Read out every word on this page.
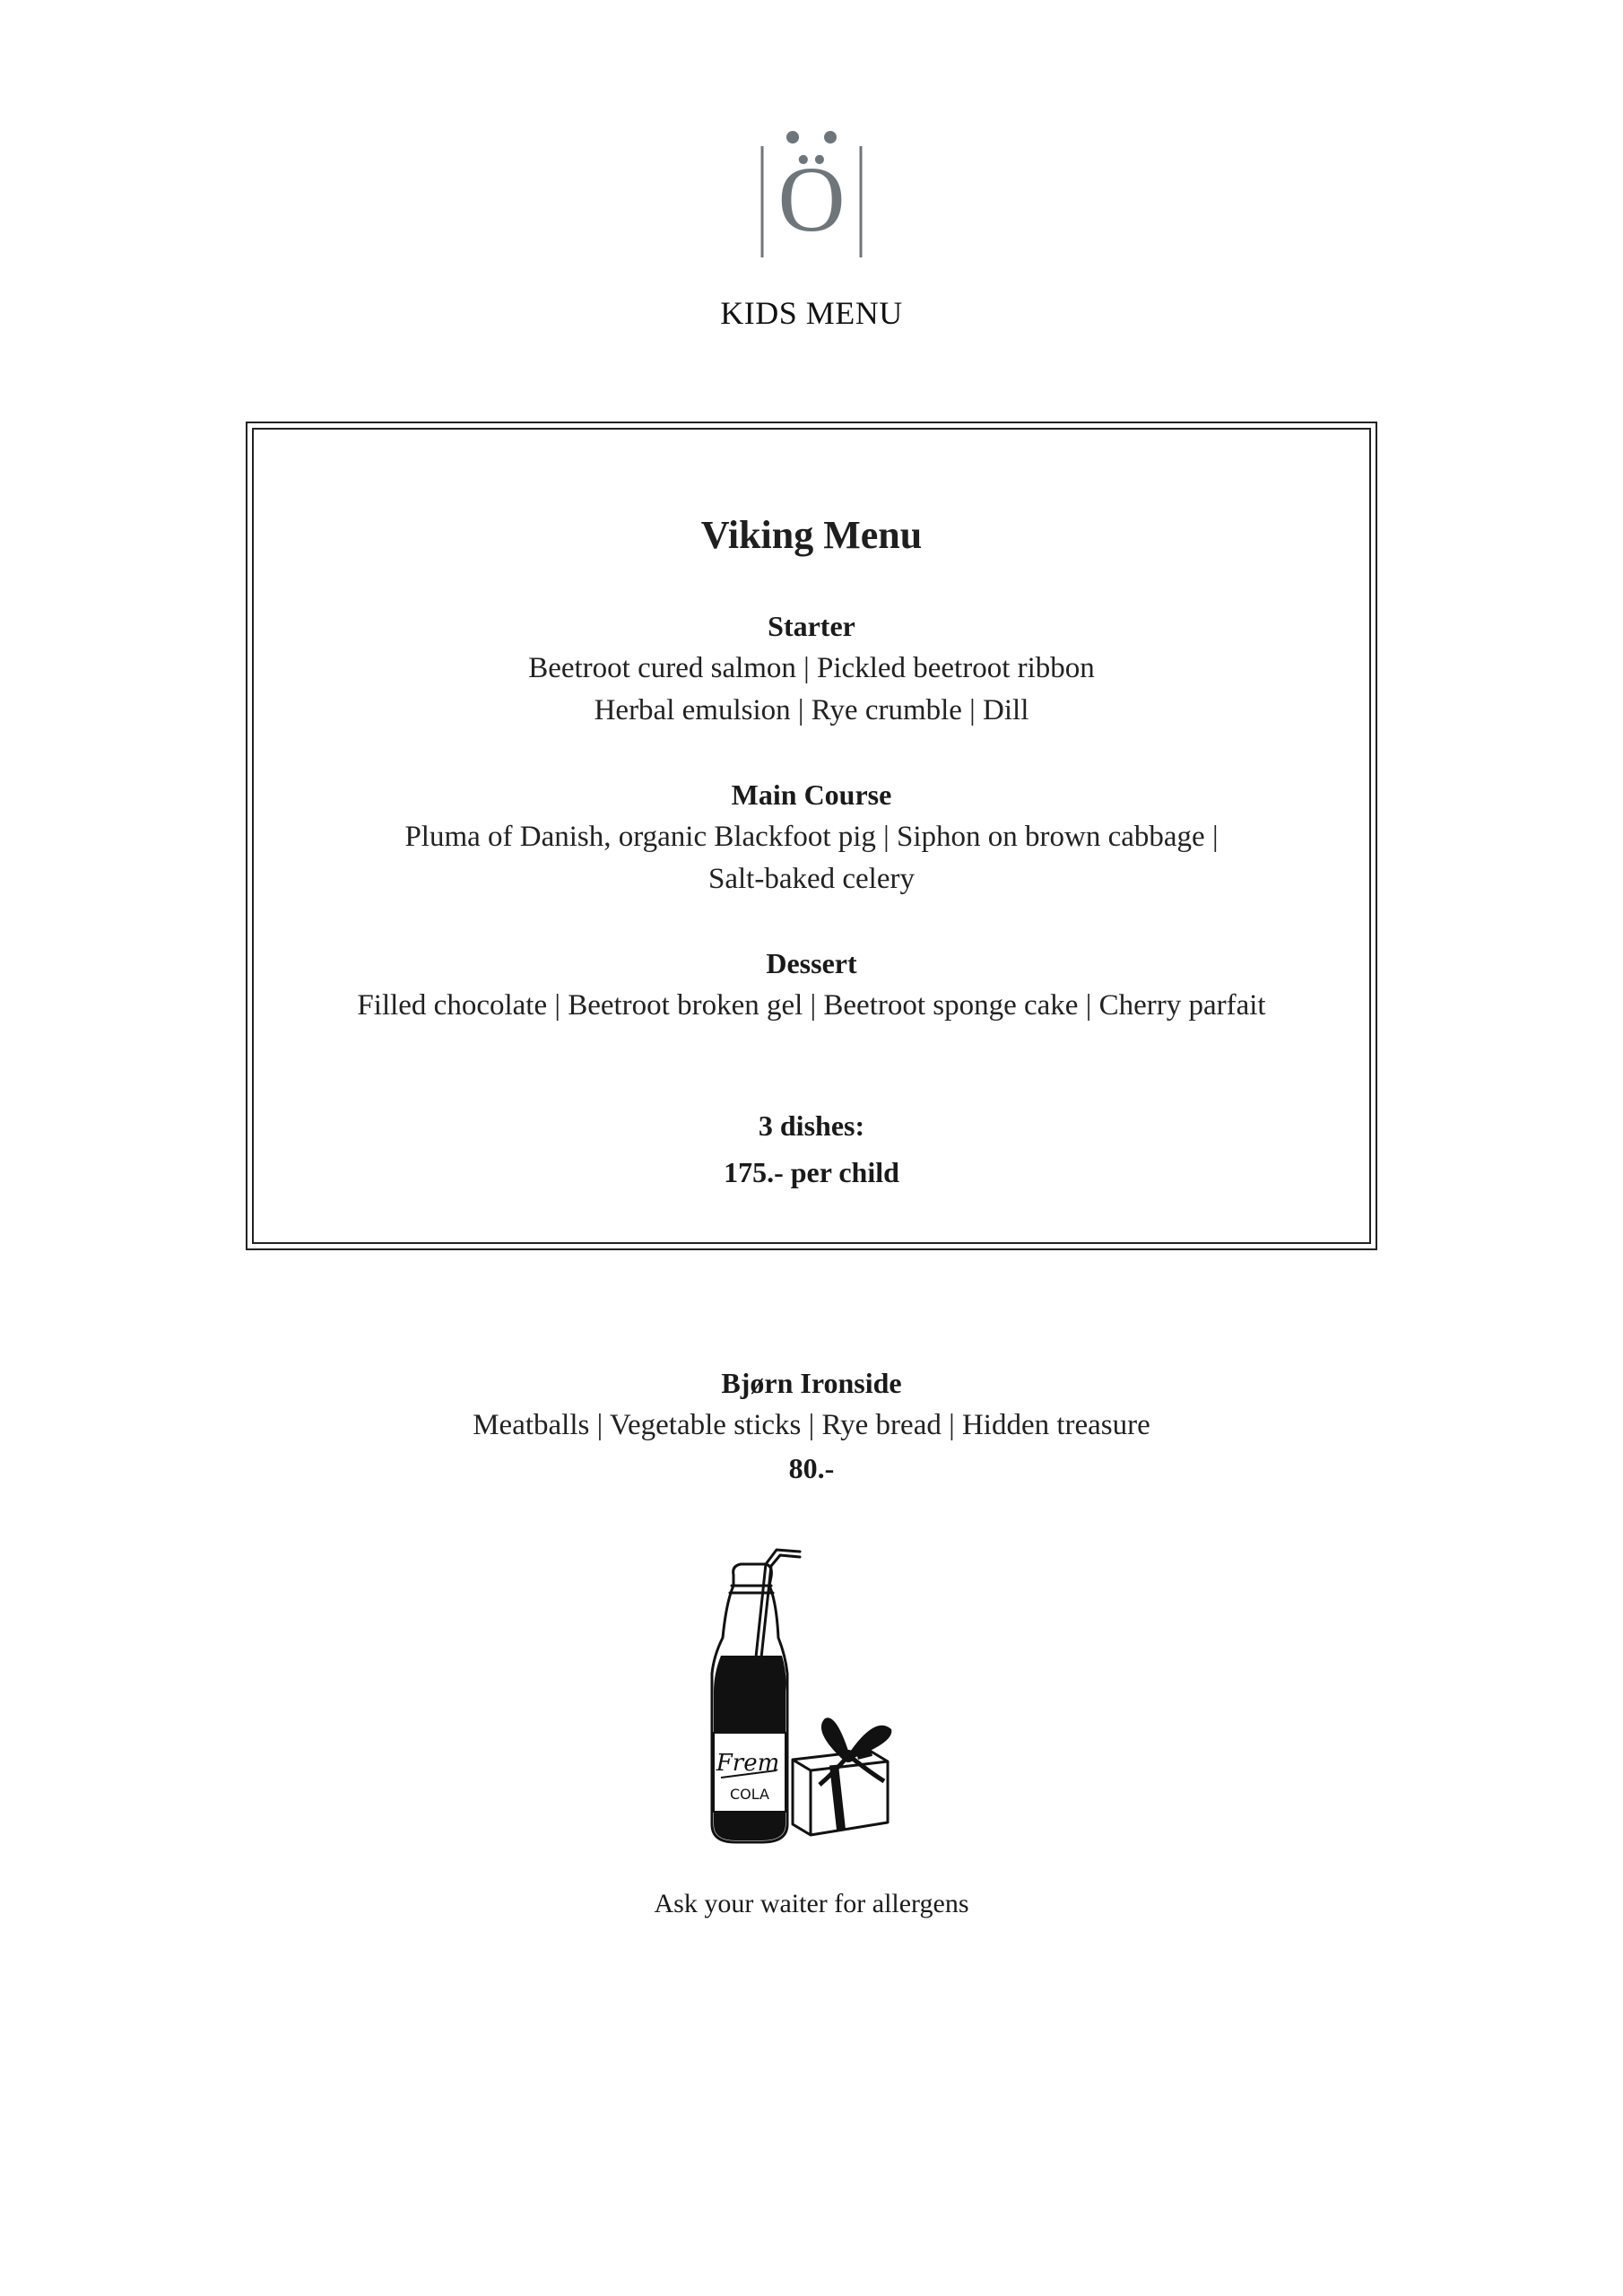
Ö
KIDS MENU
Viking Menu
Starter
Beetroot cured salmon | Pickled beetroot ribbon
Herbal emulsion | Rye crumble | Dill
Main Course
Pluma of Danish, organic Blackfoot pig | Siphon on brown cabbage |
Salt-baked celery
Dessert
Filled chocolate | Beetroot broken gel | Beetroot sponge cake | Cherry parfait
3 dishes:
175.- per child
Bjørn Ironside
Meatballs | Vegetable sticks | Rye bread | Hidden treasure
80.-
Frem
COLA
Ask your waiter for allergens
